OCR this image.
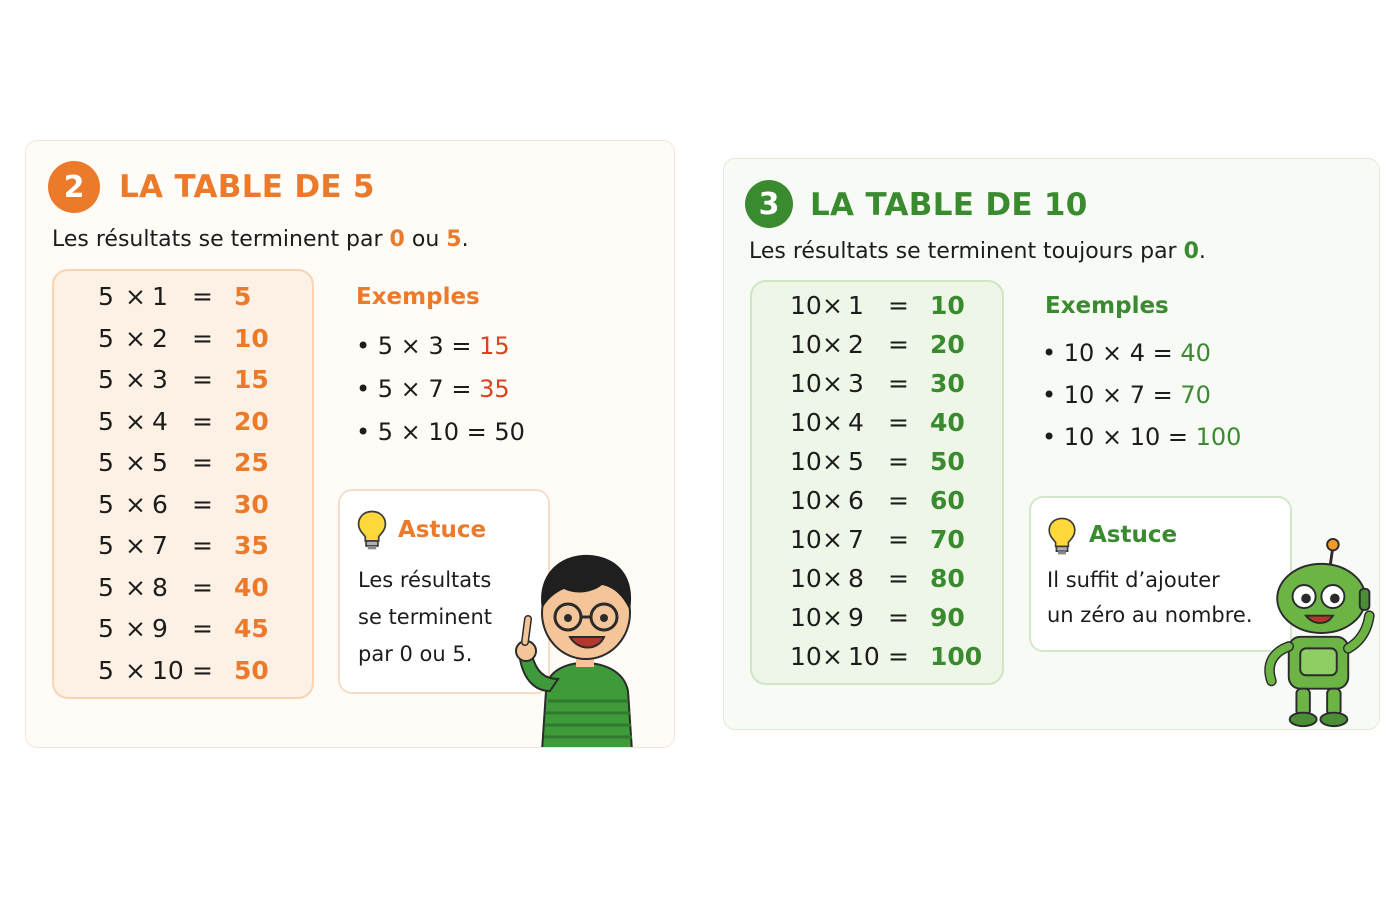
2	LA TABLE DE 5
Les résultats se terminent par 0 ou 5.
5 × 1 = 5
5 × 2 = 10
5 × 3 = 15
5 × 4 = 20
5 × 5 = 25
5 × 6 = 30
5 × 7 = 35
5 × 8 = 40
5 × 9 = 45
5 × 10 = 50
Exemples
• 5 × 3 = 15
• 5 × 7 = 35
• 5 × 10 = 50
Astuce
Les résultats
se terminent
par 0 ou 5.
3 LA TABLE DE 10
Les résultats se terminent toujours par 0.
10 × 1 = 10
10 × 2 = 20
10 × 3 = 30
10 × 4 = 40
10 × 5 = 50
10 × 6 = 60
10 × 7 = 70
10 × 8 = 80
10 × 9 = 90
10 × 10 = 100
Exemples
• 10 × 4 = 40
• 10 × 7 = 70
• 10 × 10 = 100
Astuce
Il suffit d’ajouter
un zéro au nombre.
